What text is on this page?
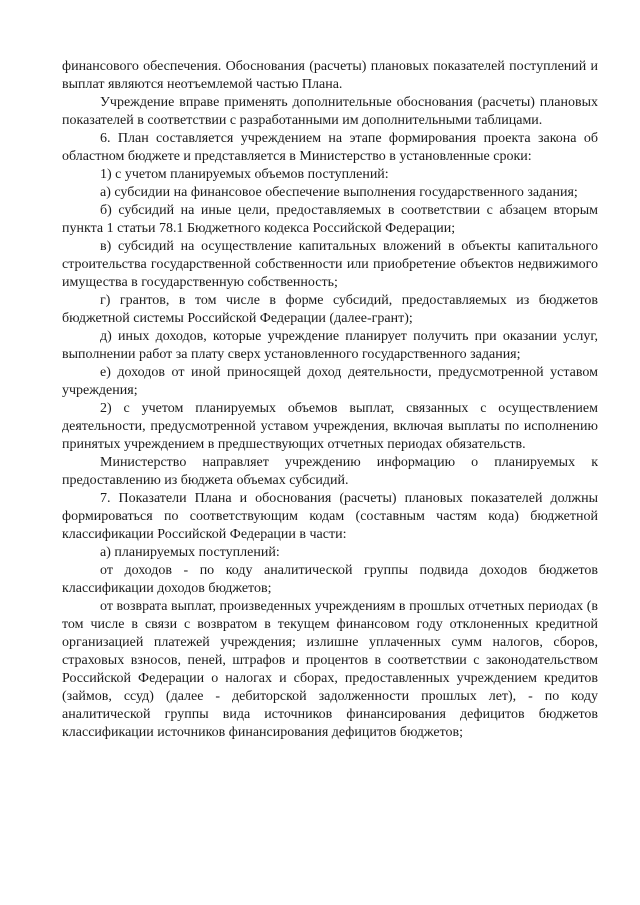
финансового обеспечения. Обоснования (расчеты) плановых показателей поступлений и выплат являются неотъемлемой частью Плана.

Учреждение вправе применять дополнительные обоснования (расчеты) плановых показателей в соответствии с разработанными им дополнительными таблицами.

6. План составляется учреждением на этапе формирования проекта закона об областном бюджете и представляется в Министерство в установленные сроки:

1) с учетом планируемых объемов поступлений:

а) субсидии на финансовое обеспечение выполнения государственного задания;

б) субсидий на иные цели, предоставляемых в соответствии с абзацем вторым пункта 1 статьи 78.1 Бюджетного кодекса Российской Федерации;

в) субсидий на осуществление капитальных вложений в объекты капитального строительства государственной собственности или приобретение объектов недвижимого имущества в государственную собственность;

г) грантов, в том числе в форме субсидий, предоставляемых из бюджетов бюджетной системы Российской Федерации (далее-грант);

д) иных доходов, которые учреждение планирует получить при оказании услуг, выполнении работ за плату сверх установленного государственного задания;

е) доходов от иной приносящей доход деятельности, предусмотренной уставом учреждения;

2) с учетом планируемых объемов выплат, связанных с осуществлением деятельности, предусмотренной уставом учреждения, включая выплаты по исполнению принятых учреждением в предшествующих отчетных периодах обязательств.

Министерство направляет учреждению информацию о планируемых к предоставлению из бюджета объемах субсидий.

7. Показатели Плана и обоснования (расчеты) плановых показателей должны формироваться по соответствующим кодам (составным частям кода) бюджетной классификации Российской Федерации в части:

а) планируемых поступлений:

от доходов - по коду аналитической группы подвида доходов бюджетов классификации доходов бюджетов;

от возврата выплат, произведенных учреждениям в прошлых отчетных периодах (в том числе в связи с возвратом в текущем финансовом году отклоненных кредитной организацией платежей учреждения; излишне уплаченных сумм налогов, сборов, страховых взносов, пеней, штрафов и процентов в соответствии с законодательством Российской Федерации о налогах и сборах, предоставленных учреждением кредитов (займов, ссуд) (далее - дебиторской задолженности прошлых лет), - по коду аналитической группы вида источников финансирования дефицитов бюджетов классификации источников финансирования дефицитов бюджетов;
